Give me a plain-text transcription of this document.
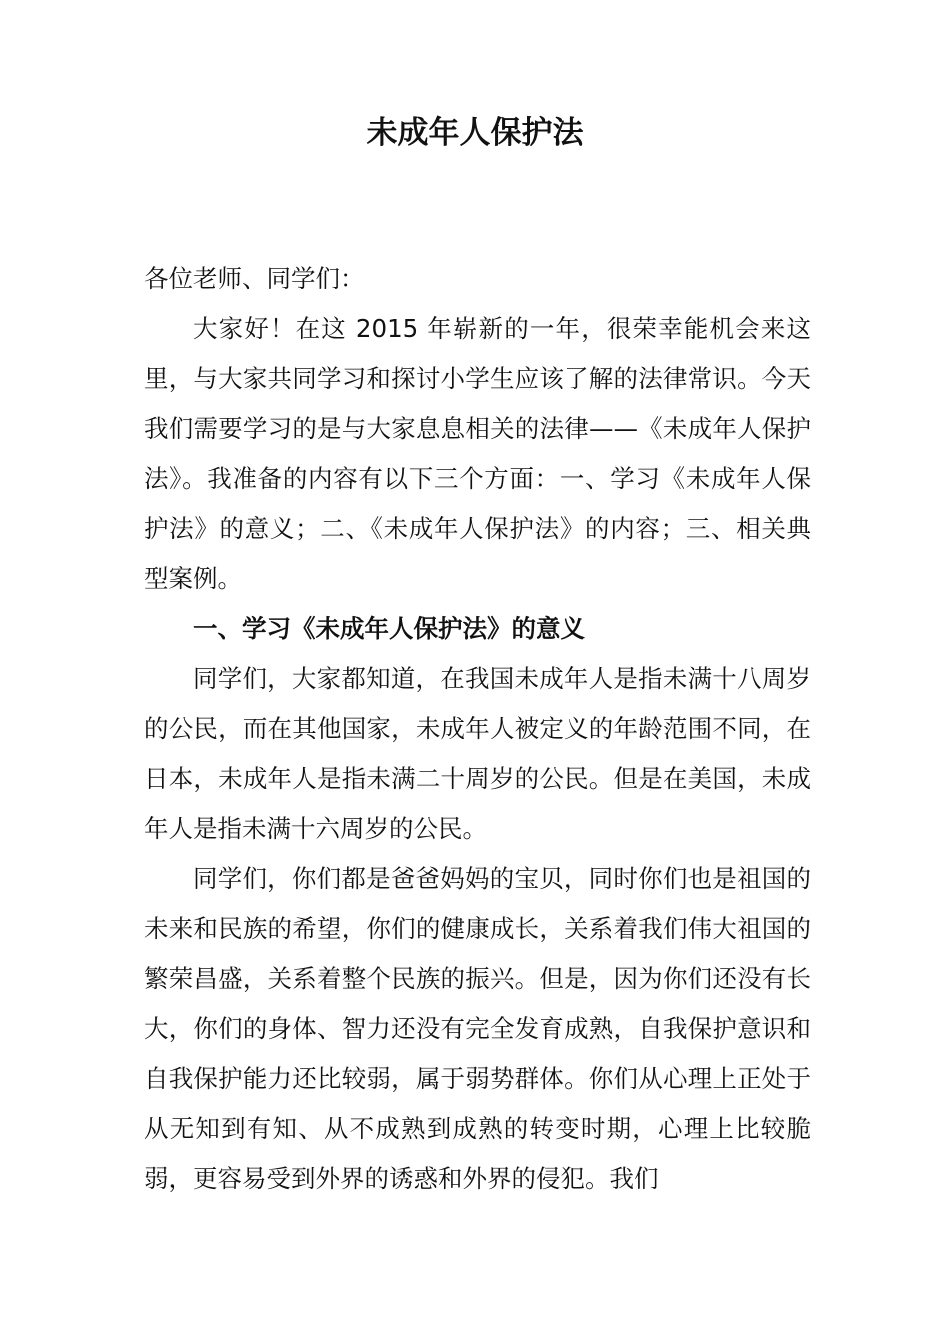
未成年人保护法

各位老师、同学们：

大家好！在这 2015 年崭新的一年，很荣幸能机会来这里，与大家共同学习和探讨小学生应该了解的法律常识。今天我们需要学习的是与大家息息相关的法律——《未成年人保护法》。我准备的内容有以下三个方面：一、学习《未成年人保护法》的意义；二、《未成年人保护法》的内容；三、相关典型案例。

一、学习《未成年人保护法》的意义

同学们，大家都知道，在我国未成年人是指未满十八周岁的公民，而在其他国家，未成年人被定义的年龄范围不同，在日本，未成年人是指未满二十周岁的公民。但是在美国，未成年人是指未满十六周岁的公民。

同学们，你们都是爸爸妈妈的宝贝，同时你们也是祖国的未来和民族的希望，你们的健康成长，关系着我们伟大祖国的繁荣昌盛，关系着整个民族的振兴。但是，因为你们还没有长大，你们的身体、智力还没有完全发育成熟，自我保护意识和自我保护能力还比较弱，属于弱势群体。你们从心理上正处于从无知到有知、从不成熟到成熟的转变时期，心理上比较脆弱，更容易受到外界的诱惑和外界的侵犯。我们
